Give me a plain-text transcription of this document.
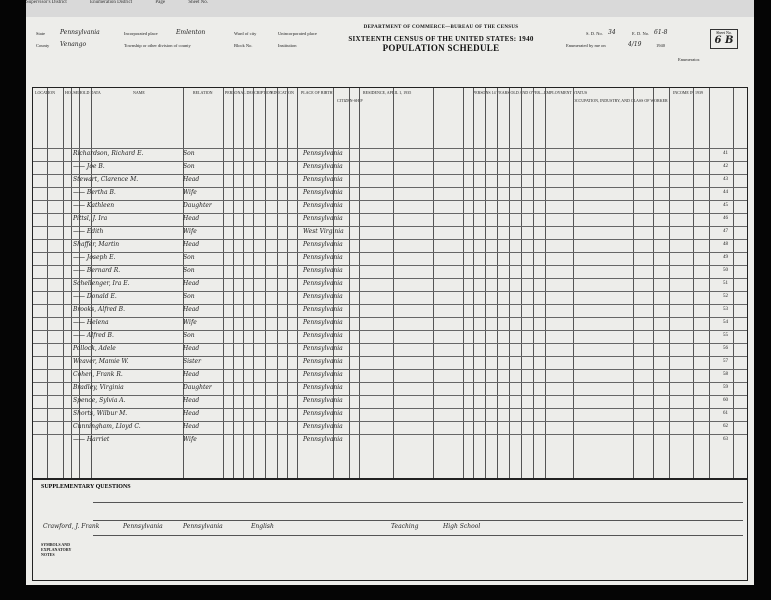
Supervisor's District	Enumeration District	Page	Sheet No.
State	Pennsylvania
County Venango	Township or other division of county
Incorporated place	Emlenton	Ward of city	Unincorporated place
Block No.	Institution
DEPARTMENT OF COMMERCE—BUREAU OF THE CENSUS
SIXTEENTH CENSUS OF THE UNITED STATES: 1940
POPULATION SCHEDULE
S. D. No. 34	E. D. No. 61-8
Enumerated by me on	4/19	1940
Enumerator.
Sheet No.
6 B
LOCATION	HOUSEHOLD DATA	NAME	RELATION	PERSONAL DESCRIPTION
EDUCATION PLACE OF BIRTH
CITIZEN-SHIP
RESIDENCE, APRIL 1, 1935	PERSONS 14 YEARS OLD AND OVER—EMPLOYMENT STATUS
OCCUPATION, INDUSTRY, AND CLASS OF WORKER
INCOME IN 1939
Richardson, Richard E.	Son	Pennsylvania	41
—— Joe B.	Son	Pennsylvania	42
Stewart, Clarence M.	Head	Pennsylvania	43
—— Bertha B.	Wife	Pennsylvania	44
—— Kathleen	Daughter	Pennsylvania	45
Pittsl, J. Ira	Head	Pennsylvania	46
—— Edith	Wife	West Virginia	47
Shaffer, Martin	Head	Pennsylvania	48
—— Joseph E.	Son	Pennsylvania	49
—— Bernard R.	Son	Pennsylvania	50
Schellenger, Ira E.	Head	Pennsylvania	51
—— Donald E.	Son	Pennsylvania	52
Brooks, Alfred B.	Head	Pennsylvania	53
—— Helena	Wife	Pennsylvania	54
—— Alfred B.	Son	Pennsylvania	55
Pollock, Adele	Head	Pennsylvania	56
Weaver, Mamie W.	Sister	Pennsylvania	57
Cohen, Frank R.	Head	Pennsylvania	58
Bradley, Virginia	Daughter	Pennsylvania	59
Spence, Sylvia A.	Head	Pennsylvania	60
Shorts, Wilbur M.	Head	Pennsylvania	61
Cunningham, Lloyd C.	Head	Pennsylvania	62
—— Harriet	Wife	Pennsylvania	63
SUPPLEMENTARY QUESTIONS
Crawford, J. Frank	Pennsylvania	Pennsylvania	English	Teaching	High School
SYMBOLS AND EXPLANATORY NOTES
